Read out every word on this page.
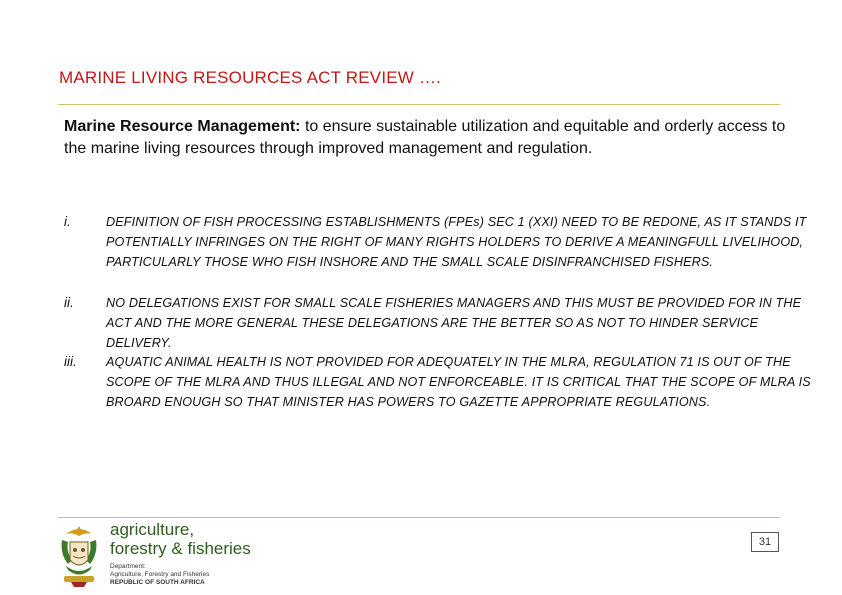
MARINE LIVING RESOURCES ACT REVIEW ….

Marine Resource Management: to ensure sustainable utilization and equitable and orderly access to the marine living resources through improved management and regulation.

i.	DEFINITION OF FISH PROCESSING ESTABLISHMENTS (FPEs) SEC 1 (XXI) NEED TO BE REDONE, AS IT STANDS IT POTENTIALLY INFRINGES ON THE RIGHT OF MANY RIGHTS HOLDERS TO DERIVE A MEANINGFULL LIVELIHOOD, PARTICULARLY THOSE WHO FISH INSHORE AND THE SMALL SCALE DISINFRANCHISED FISHERS.

ii.	NO DELEGATIONS EXIST FOR SMALL SCALE FISHERIES MANAGERS AND THIS MUST BE PROVIDED FOR IN THE ACT AND THE MORE GENERAL THESE DELEGATIONS ARE THE BETTER SO AS NOT TO HINDER SERVICE DELIVERY.

iii. AQUATIC ANIMAL HEALTH IS NOT PROVIDED FOR ADEQUATELY IN THE MLRA, REGULATION 71 IS OUT OF THE SCOPE OF THE MLRA AND THUS ILLEGAL AND NOT ENFORCEABLE. IT IS CRITICAL THAT THE SCOPE OF MLRA IS BROARD ENOUGH SO THAT MINISTER HAS POWERS TO GAZETTE APPROPRIATE REGULATIONS.

agriculture,
forestry & fisheries
Department:
Agriculture, Forestry and Fisheries
REPUBLIC OF SOUTH AFRICA
31
